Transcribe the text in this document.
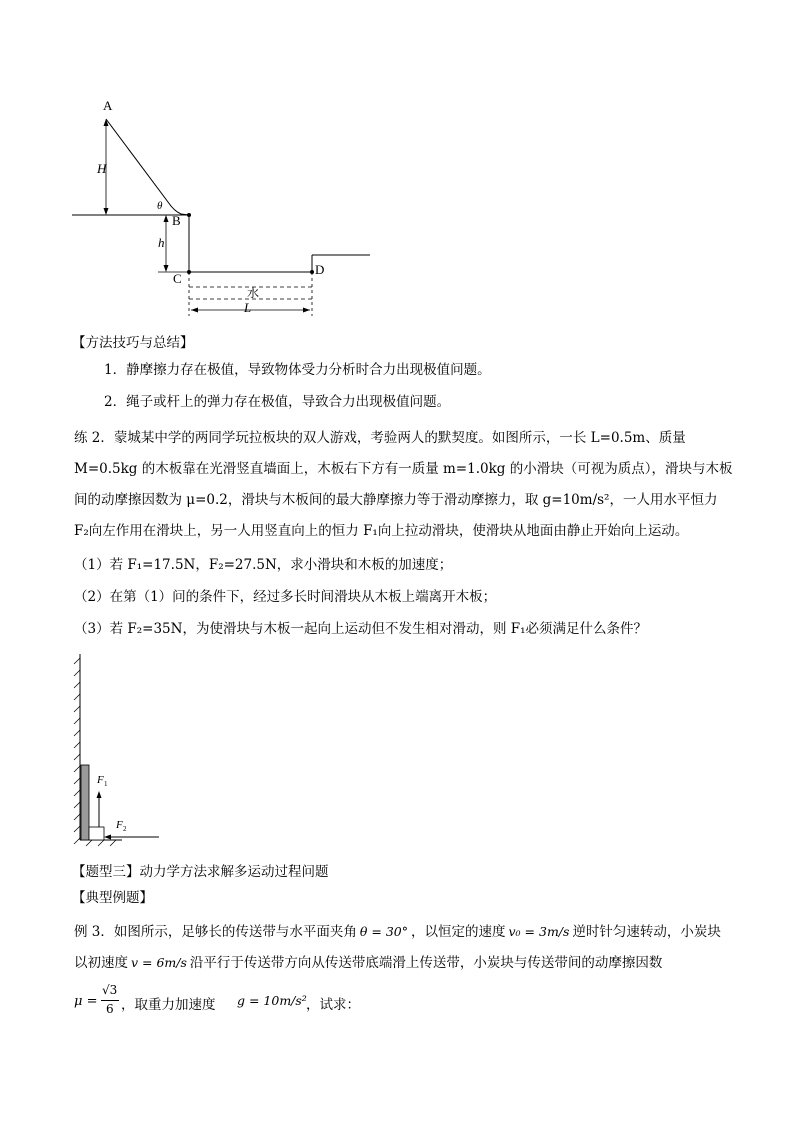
A
H
θ
B
h
C
D
水
L
【方法技巧与总结】
1．静摩擦力存在极值，导致物体受力分析时合力出现极值问题。
2．绳子或杆上的弹力存在极值，导致合力出现极值问题。
练 2．蒙城某中学的两同学玩拉板块的双人游戏，考验两人的默契度。如图所示，一长 L=0.5m、质量
M=0.5kg 的木板靠在光滑竖直墙面上，木板右下方有一质量 m=1.0kg 的小滑块（可视为质点），滑块与木板
间的动摩擦因数为 μ=0.2，滑块与木板间的最大静摩擦力等于滑动摩擦力，取 g=10m/s²，一人用水平恒力
F₂向左作用在滑块上，另一人用竖直向上的恒力 F₁向上拉动滑块，使滑块从地面由静止开始向上运动。
（1）若 F₁=17.5N，F₂=27.5N，求小滑块和木板的加速度；
（2）在第（1）问的条件下，经过多长时间滑块从木板上端离开木板；
（3）若 F₂=35N，为使滑块与木板一起向上运动但不发生相对滑动，则 F₁必须满足什么条件？
F 1
F 2
【题型三】动力学方法求解多运动过程问题
【典型例题】
例 3．如图所示，足够长的传送带与水平面夹角 θ = 30° ，以恒定的速度 v₀ = 3m/s 逆时针匀速转动，小炭块
以初速度 v = 6m/s 沿平行于传送带方向从传送带底端滑上传送带，小炭块与传送带间的动摩擦因数
μ =
√3
6 ，取重力加速度 g = 10m/s² ，试求：
